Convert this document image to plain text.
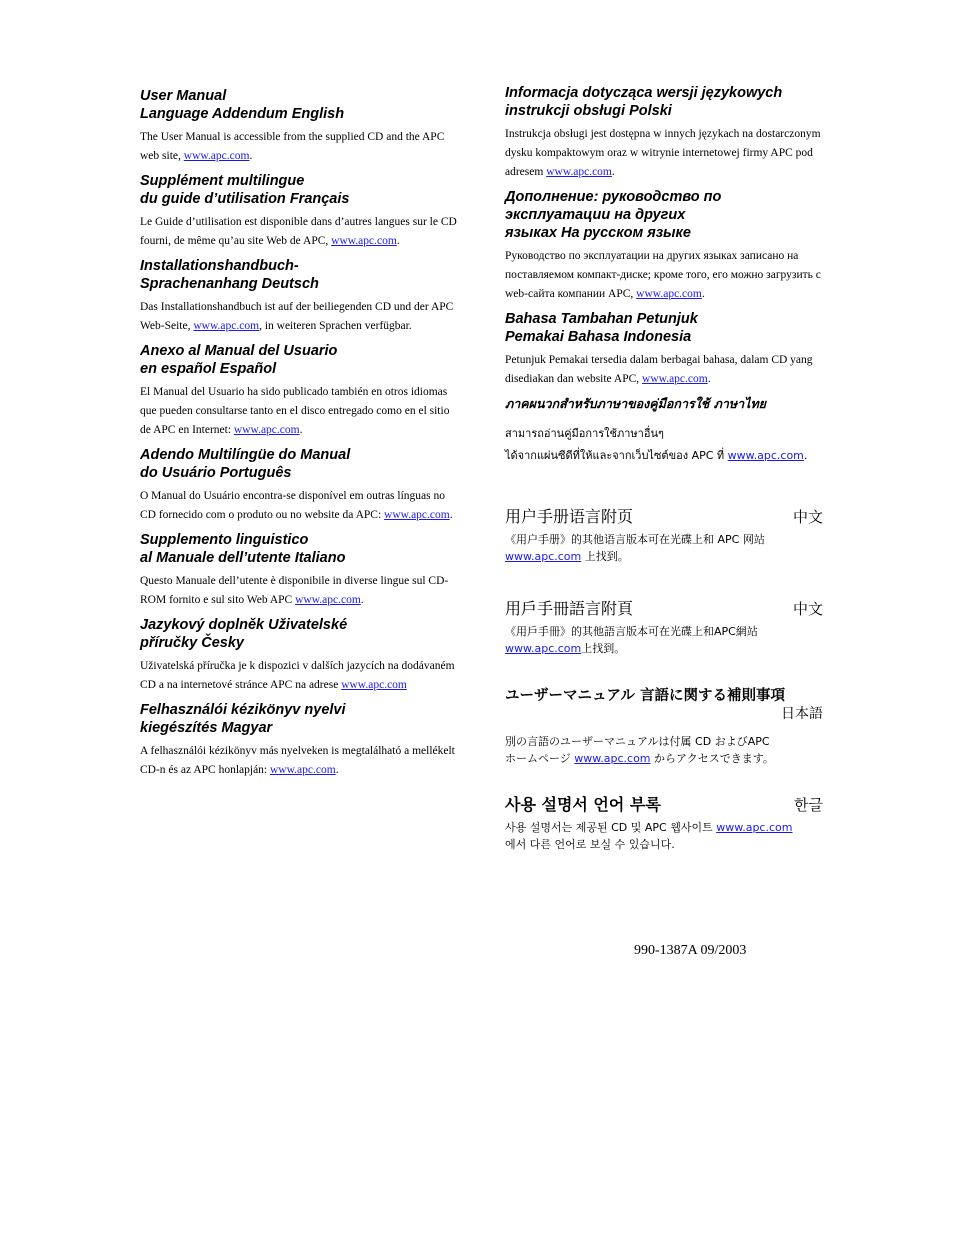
User Manual
Language Addendum English

The User Manual is accessible from the supplied CD and the APC web site, www.apc.com.

Supplément multilingue
du guide d’utilisation Français

Le Guide d’utilisation est disponible dans d’autres langues sur le CD fourni, de même qu’au site Web de APC, www.apc.com.

Installationshandbuch-
Sprachenanhang Deutsch

Das Installationshandbuch ist auf der beiliegenden CD und der APC Web-Seite, www.apc.com, in weiteren Sprachen verfügbar.

Anexo al Manual del Usuario
en español Español

El Manual del Usuario ha sido publicado también en otros idiomas que pueden consultarse tanto en el disco entregado como en el sitio de APC en Internet: www.apc.com.

Adendo Multilíngüe do Manual
do Usuário Português

O Manual do Usuário encontra-se disponível em outras línguas no CD fornecido com o produto ou no website da APC: www.apc.com.

Supplemento linguistico
al Manuale dell’utente Italiano

Questo Manuale dell’utente è disponibile in diverse lingue sul CD-ROM fornito e sul sito Web APC www.apc.com.

Jazykový doplněk Uživatelské
příručky Česky

Uživatelská příručka je k dispozici v dalších jazycích na dodávaném CD a na internetové stránce APC na adrese www.apc.com

Felhasználói kézikönyv nyelvi
kiegészítés Magyar

A felhasználói kézikönyv más nyelveken is megtalálható a mellékelt CD-n és az APC honlapján: www.apc.com.

Informacja dotycząca wersji językowych
instrukcji obsługi Polski

Instrukcja obsługi jest dostępna w innych językach na dostarczonym dysku kompaktowym oraz w witrynie internetowej firmy APC pod adresem www.apc.com.

Дополнение: руководство по
эксплуатации на других
языках На русском языке

Руководство по эксплуатации на других языках записано на поставляемом компакт-диске; кроме того, его можно загрузить с web-сайта компании APC, www.apc.com.

Bahasa Tambahan Petunjuk
Pemakai Bahasa Indonesia

Petunjuk Pemakai tersedia dalam berbagai bahasa, dalam CD yang disediakan dan website APC, www.apc.com.

ภาคผนวกสำหรับภาษาของคู่มือการใช้ ภาษาไทย

สามารถอ่านคู่มือการใช้ภาษาอื่นๆ
ได้จากแผ่นซีดีที่ให้และจากเว็บไซต์ของ APC ที่ www.apc.com.

用户手册语言附页	中文

《用户手册》的其他语言版本可在光碟上和 APC 网站
www.apc.com 上找到。

用戶手冊語言附頁	中文

《用戶手冊》的其他語言版本可在光碟上和APC網站
www.apc.com上找到。

ユーザーマニュアル 言語に関する補則事項

日本語

別の言語のユーザーマニュアルは付属 CD およびAPC
ホームページ www.apc.com からアクセスできます。

사용 설명서 언어 부록	한글

사용 설명서는 제공된 CD 및 APC 웹사이트 www.apc.com
에서 다른 언어로 보실 수 있습니다.

990-1387A 09/2003
